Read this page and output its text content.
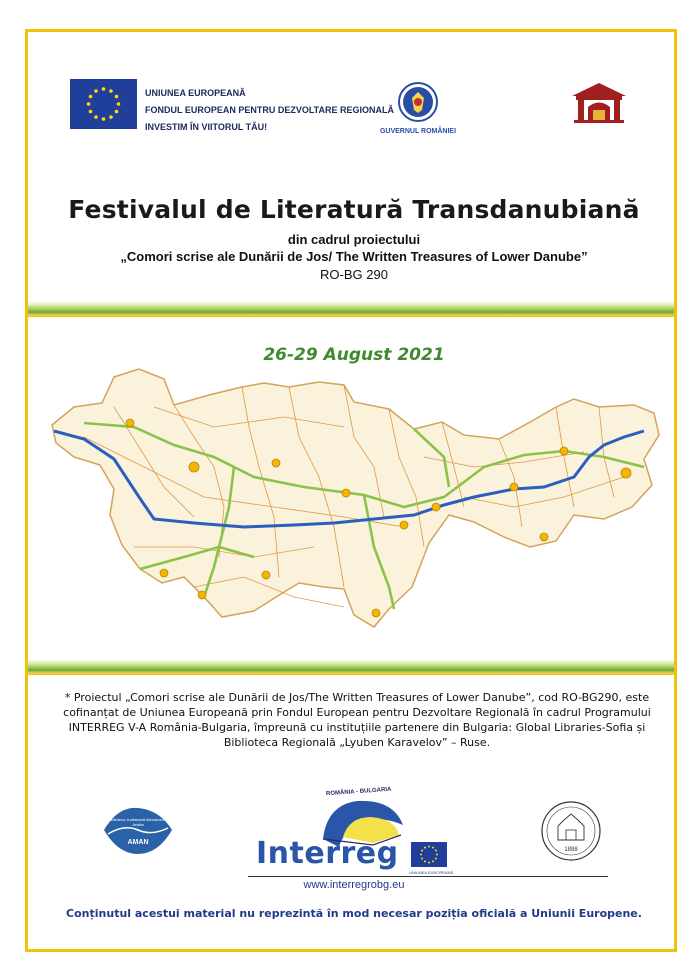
UNIUNEA EUROPEANĂ
FONDUL EUROPEAN PENTRU DEZVOLTARE REGIONALĂ
INVESTIM ÎN VIITORUL TĂU!	GUVERNUL ROMÂNIEI
Festivalul de Literatură Transdanubiană
din cadrul proiectului
„Comori scrise ale Dunării de Jos/ The Written Treasures of Lower Danube”
RO-BG 290
26-29 August 2021
* Proiectul „Comori scrise ale Dunării de Jos/The Written Treasures of Lower Danube”, cod RO-BG290, este cofinanțat de Uniunea Europeană prin Fondul European pentru Dezvoltare Regională în cadrul Programului INTERREG V-A România-Bulgaria, împreună cu instituțiile partenere din Bulgaria: Global Libraries-Sofia și Biblioteca Regională „Lyuben Karavelov” – Ruse.
Biblioteca Județeană Alexandru și Aristia
AMAN
ROMÂNIA - BULGARIA
Interreg
UNIUNEA EUROPEANĂ
www.interregrobg.eu
1888
Conținutul acestui material nu reprezintă în mod necesar poziția oficială a Uniunii Europene.
